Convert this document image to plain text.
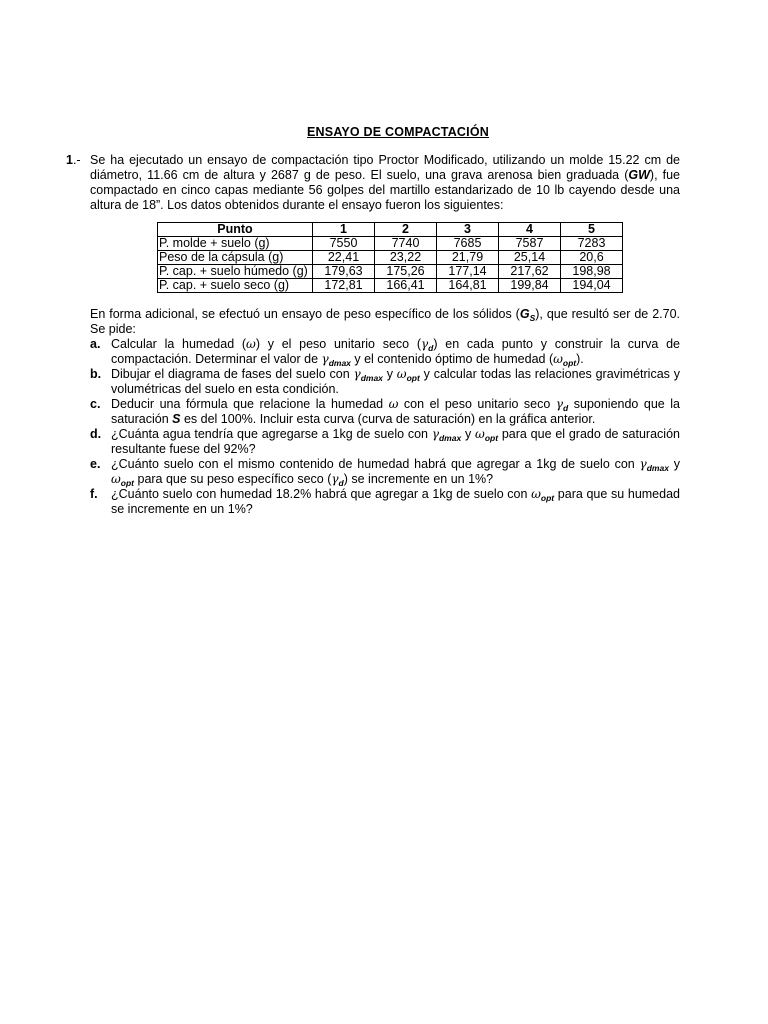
ENSAYO DE COMPACTACIÓN
1.- Se ha ejecutado un ensayo de compactación tipo Proctor Modificado, utilizando un molde 15.22 cm de diámetro, 11.66 cm de altura y 2687 g de peso. El suelo, una grava arenosa bien graduada (GW), fue compactado en cinco capas mediante 56 golpes del martillo estandarizado de 10 lb cayendo desde una altura de 18”. Los datos obtenidos durante el ensayo fueron los siguientes:
Punto	1	2	3	4	5
P. molde + suelo (g)	7550	7740	7685	7587	7283
Peso de la cápsula (g)	22,41	23,22	21,79	25,14	20,6
P. cap. + suelo húmedo (g)	179,63	175,26	177,14	217,62	198,98
P. cap. + suelo seco (g)	172,81	166,41	164,81	199,84	194,04
En forma adicional, se efectuó un ensayo de peso específico de los sólidos $(G_S)$, que resultó ser de 2.70. Se pide:
a. Calcular la humedad (ω) y el peso unitario seco $(\gamma_d)$ en cada punto y construir la curva de compactación. Determinar el valor de $\gamma_{dmax}$ y el contenido óptimo de humedad $(\omega_{opt})$.
b. Dibujar el diagrama de fases del suelo con $\gamma_{dmax}$ y $\omega_{opt}$ y calcular todas las relaciones gravimétricas y volumétricas del suelo en esta condición.
c. Deducir una fórmula que relacione la humedad ω con el peso unitario seco $\gamma_d$ suponiendo que la saturación S es del 100%. Incluir esta curva (curva de saturación) en la gráfica anterior.
d. ¿Cuánta agua tendría que agregarse a 1kg de suelo con $\gamma_{dmax}$ y $\omega_{opt}$ para que el grado de saturación resultante fuese del 92%?
e. ¿Cuánto suelo con el mismo contenido de humedad habrá que agregar a 1kg de suelo con $\gamma_{dmax}$ y $\omega_{opt}$ para que su peso específico seco $(\gamma_d)$ se incremente en un 1%?
f. ¿Cuánto suelo con humedad 18.2% habrá que agregar a 1kg de suelo con $\omega_{opt}$ para que su humedad se incremente en un 1%?
